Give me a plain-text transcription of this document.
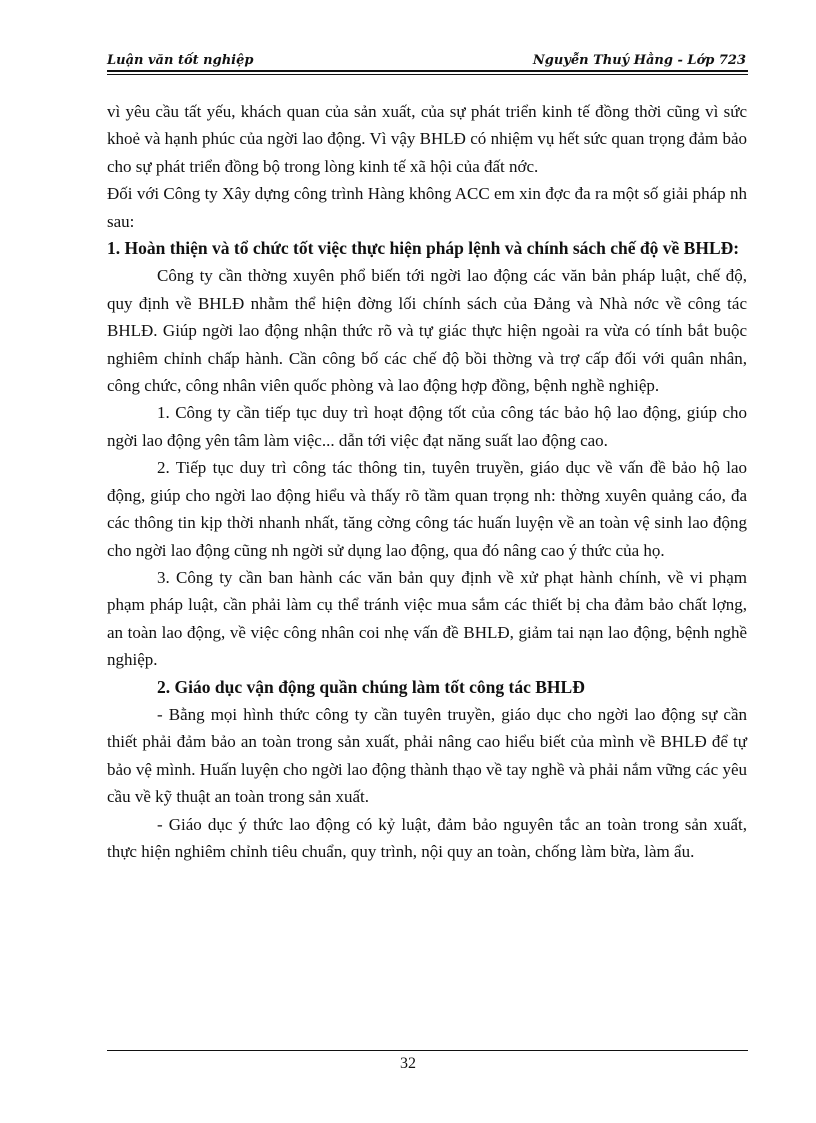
Luận văn tốt nghiệp	Nguyễn Thuý Hằng - Lớp 723

vì yêu cầu tất yếu, khách quan của sản xuất, của sự phát triển kinh tế đồng thời cũng vì sức khoẻ và hạnh phúc của ngời lao động. Vì vậy BHLĐ có nhiệm vụ hết sức quan trọng đảm bảo cho sự phát triển đồng bộ trong lòng kinh tế xã hội của đất nớc.

Đối với Công ty Xây dựng công trình Hàng không ACC em xin đợc đa ra một số giải pháp nh sau:

1. Hoàn thiện và tổ chức tốt việc thực hiện pháp lệnh và chính sách chế độ về BHLĐ:

Công ty cần thờng xuyên phổ biến tới ngời lao động các văn bản pháp luật, chế độ, quy định về BHLĐ nhằm thể hiện đờng lối chính sách của Đảng và Nhà nớc về công tác BHLĐ. Giúp ngời lao động nhận thức rõ và tự giác thực hiện ngoài ra vừa có tính bắt buộc nghiêm chỉnh chấp hành. Cần công bố các chế độ bồi thờng và trợ cấp đối với quân nhân, công chức, công nhân viên quốc phòng và lao động hợp đồng, bệnh nghề nghiệp.

1. Công ty cần tiếp tục duy trì hoạt động tốt của công tác bảo hộ lao động, giúp cho ngời lao động yên tâm làm việc... dẫn tới việc đạt năng suất lao động cao.

2. Tiếp tục duy trì công tác thông tin, tuyên truyền, giáo dục về vấn đề bảo hộ lao động, giúp cho ngời lao động hiểu và thấy rõ tầm quan trọng nh: thờng xuyên quảng cáo, đa các thông tin kịp thời nhanh nhất, tăng cờng công tác huấn luyện về an toàn vệ sinh lao động cho ngời lao động cũng nh ngời sử dụng lao động, qua đó nâng cao ý thức của họ.

3. Công ty cần ban hành các văn bản quy định về xử phạt hành chính, về vi phạm phạm pháp luật, cần phải làm cụ thể tránh việc mua sắm các thiết bị cha đảm bảo chất lợng, an toàn lao động, về việc công nhân coi nhẹ vấn đề BHLĐ, giảm tai nạn lao động, bệnh nghề nghiệp.

2. Giáo dục vận động quần chúng làm tốt công tác BHLĐ

- Bằng mọi hình thức công ty cần tuyên truyền, giáo dục cho ngời lao động sự cần thiết phải đảm bảo an toàn trong sản xuất, phải nâng cao hiểu biết của mình về BHLĐ để tự bảo vệ mình. Huấn luyện cho ngời lao động thành thạo về tay nghề và phải nắm vững các yêu cầu về kỹ thuật an toàn trong sản xuất.

- Giáo dục ý thức lao động có kỷ luật, đảm bảo nguyên tắc an toàn trong sản xuất, thực hiện nghiêm chỉnh tiêu chuẩn, quy trình, nội quy an toàn, chống làm bừa, làm ẩu.

32
